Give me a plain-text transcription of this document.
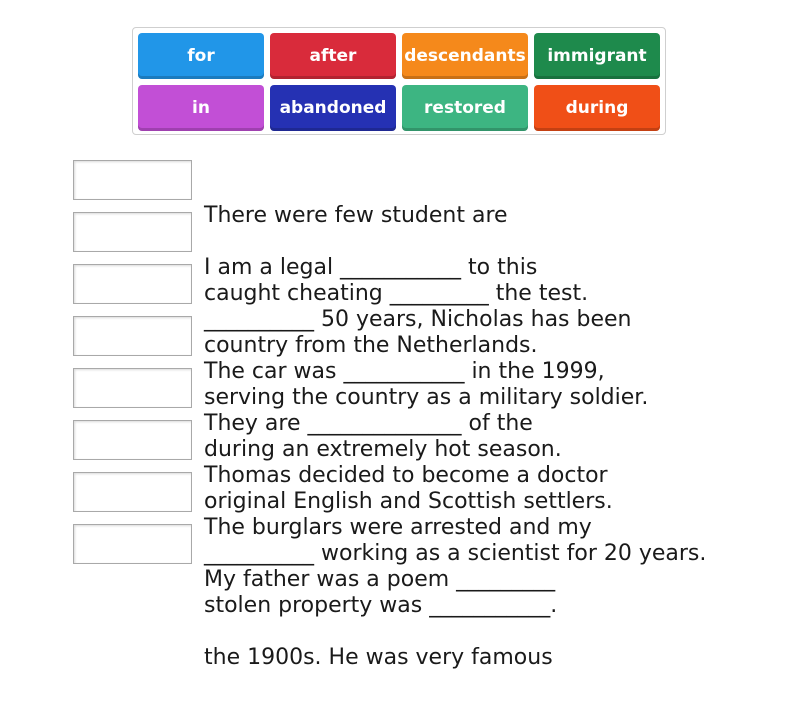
for	after	descendants	immigrant
in	abandoned	restored	during

There were few student are

caught cheating _________ the test.

I am a legal ___________ to this

country from the Netherlands.

__________ 50 years, Nicholas has been

serving the country as a military soldier.

The car was ___________ in the 1999,

during an extremely hot season.

They are ______________ of the

original English and Scottish settlers.

Thomas decided to become a doctor

__________ working as a scientist for 20 years.

The burglars were arrested and my

stolen property was ___________.

My father was a poem _________

the 1900s. He was very famous
